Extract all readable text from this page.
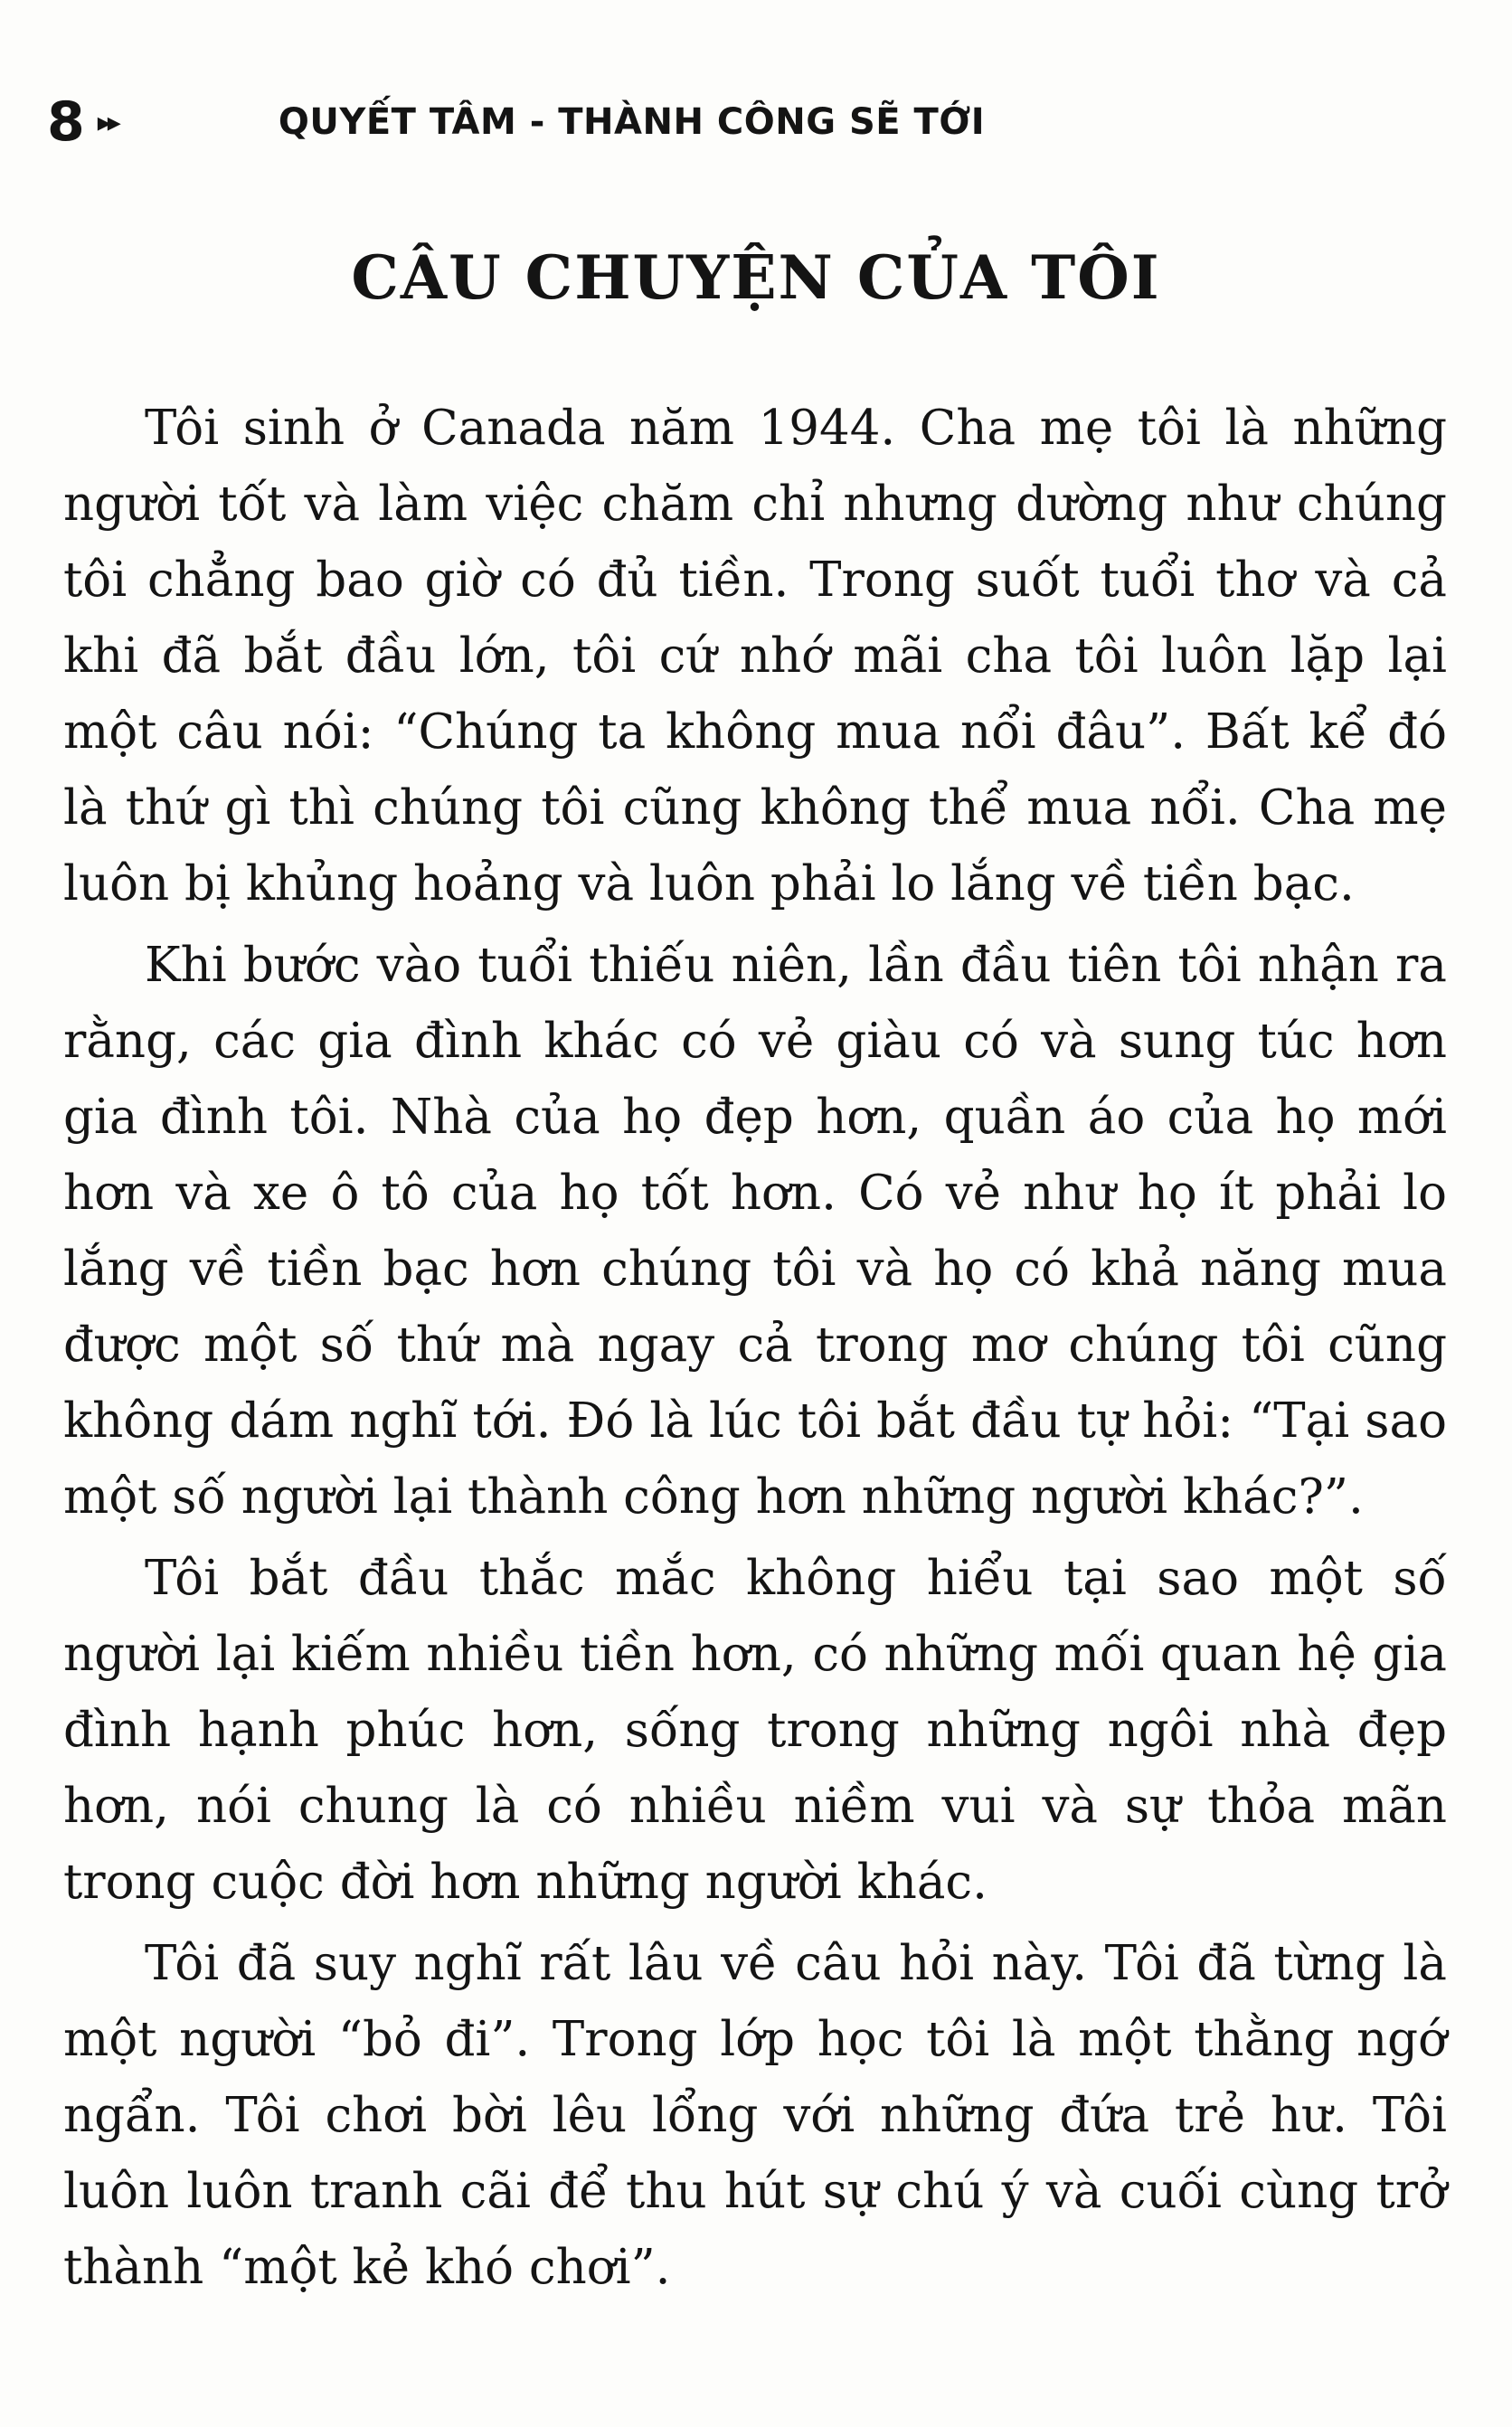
8 ▸▸	QUYẾT TÂM - THÀNH CÔNG SẼ TỚI
CÂU CHUYỆN CỦA TÔI

Tôi sinh ở Canada năm 1944. Cha mẹ tôi là những người tốt và làm việc chăm chỉ nhưng dường như chúng tôi chẳng bao giờ có đủ tiền. Trong suốt tuổi thơ và cả khi đã bắt đầu lớn, tôi cứ nhớ mãi cha tôi luôn lặp lại một câu nói: “Chúng ta không mua nổi đâu”. Bất kể đó là thứ gì thì chúng tôi cũng không thể mua nổi. Cha mẹ luôn bị khủng hoảng và luôn phải lo lắng về tiền bạc.

Khi bước vào tuổi thiếu niên, lần đầu tiên tôi nhận ra rằng, các gia đình khác có vẻ giàu có và sung túc hơn gia đình tôi. Nhà của họ đẹp hơn, quần áo của họ mới hơn và xe ô tô của họ tốt hơn. Có vẻ như họ ít phải lo lắng về tiền bạc hơn chúng tôi và họ có khả năng mua được một số thứ mà ngay cả trong mơ chúng tôi cũng không dám nghĩ tới. Đó là lúc tôi bắt đầu tự hỏi: “Tại sao một số người lại thành công hơn những người khác?”.

Tôi bắt đầu thắc mắc không hiểu tại sao một số người lại kiếm nhiều tiền hơn, có những mối quan hệ gia đình hạnh phúc hơn, sống trong những ngôi nhà đẹp hơn, nói chung là có nhiều niềm vui và sự thỏa mãn trong cuộc đời hơn những người khác.

Tôi đã suy nghĩ rất lâu về câu hỏi này. Tôi đã từng là một người “bỏ đi”. Trong lớp học tôi là một thằng ngớ ngẩn. Tôi chơi bời lêu lổng với những đứa trẻ hư. Tôi luôn luôn tranh cãi để thu hút sự chú ý và cuối cùng trở thành “một kẻ khó chơi”.
